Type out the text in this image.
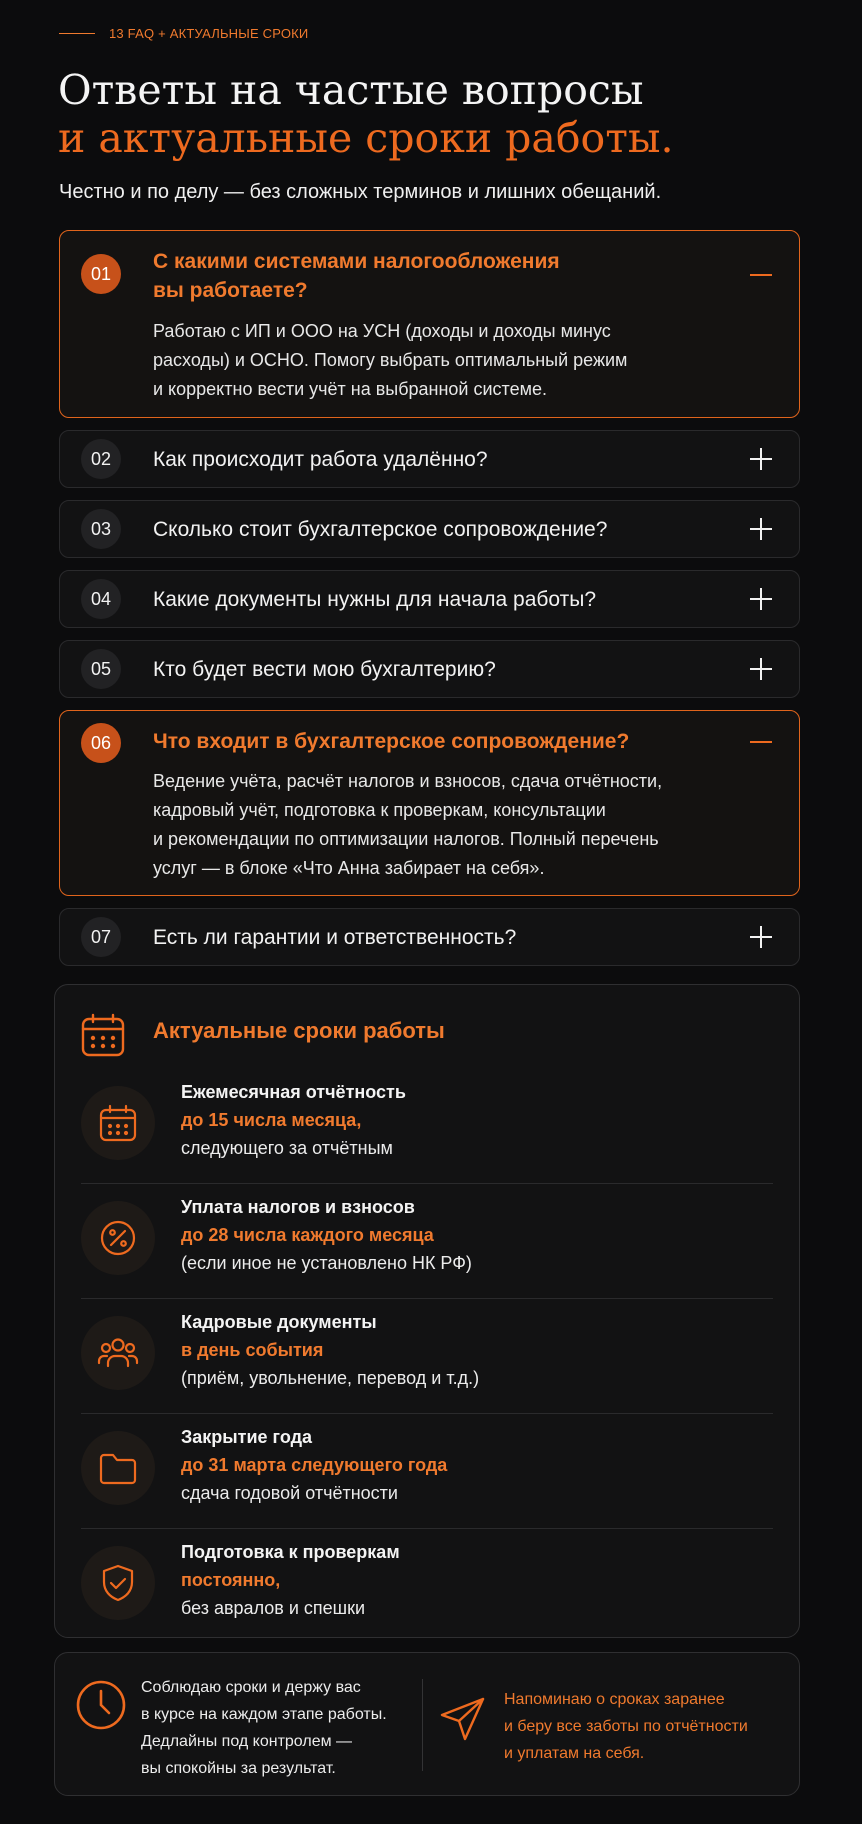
13 FAQ + АКТУАЛЬНЫЕ СРОКИ
Ответы на частые вопросы
и актуальные сроки работы.

Честно и по делу — без сложных терминов и лишних обещаний.

01
С какими системами налогообложения
вы работаете?
Работаю с ИП и ООО на УСН (доходы и доходы минус
расходы) и ОСНО. Помогу выбрать оптимальный режим
и корректно вести учёт на выбранной системе.
02	Как происходит работа удалённо?
03	Сколько стоит бухгалтерское сопровождение?
04	Какие документы нужны для начала работы?
05	Кто будет вести мою бухгалтерию?
06	Что входит в бухгалтерское сопровождение?
Ведение учёта, расчёт налогов и взносов, сдача отчётности,
кадровый учёт, подготовка к проверкам, консультации
и рекомендации по оптимизации налогов. Полный перечень
услуг — в блоке «Что Анна забирает на себя».
07	Есть ли гарантии и ответственность?
Актуальные сроки работы
Ежемесячная отчётность
до 15 числа месяца,
следующего за отчётным
Уплата налогов и взносов
до 28 числа каждого месяца
(если иное не установлено НК РФ)
Кадровые документы
в день события
(приём, увольнение, перевод и т.д.)
Закрытие года
до 31 марта следующего года
сдача годовой отчётности
Подготовка к проверкам
постоянно,
без авралов и спешки
Соблюдаю сроки и держу вас
в курсе на каждом этапе работы.
Дедлайны под контролем —
вы спокойны за результат.
Напоминаю о сроках заранее
и беру все заботы по отчётности
и уплатам на себя.
